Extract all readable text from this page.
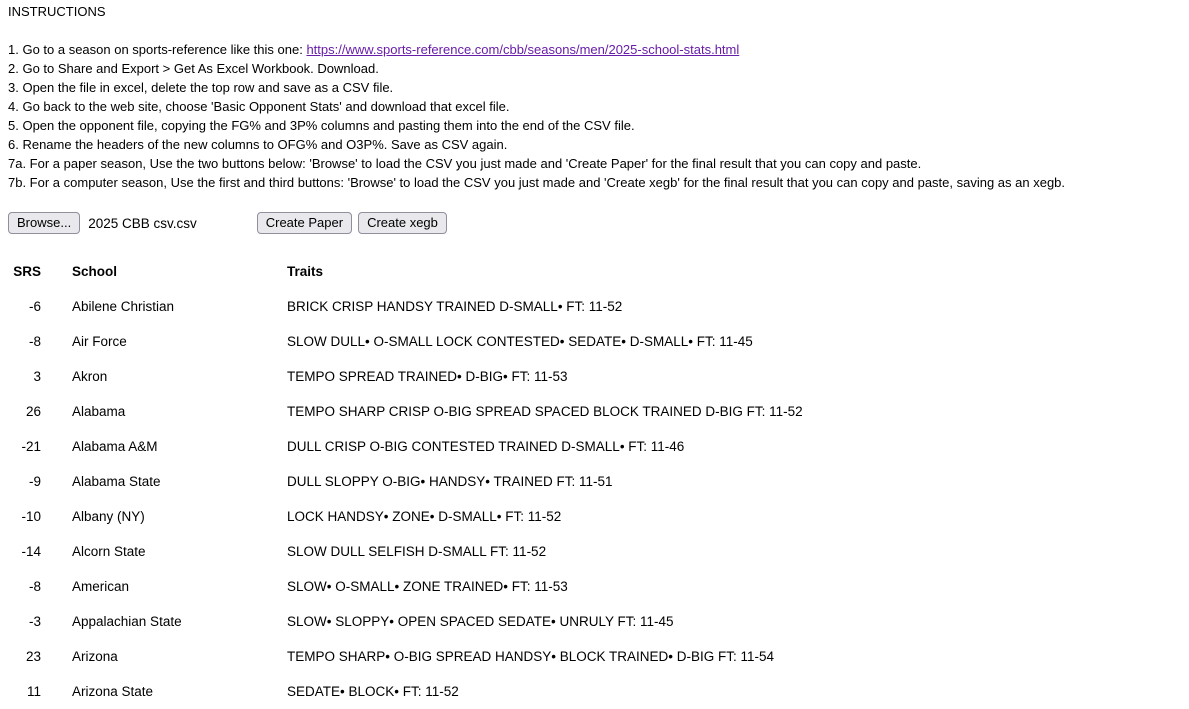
INSTRUCTIONS
1. Go to a season on sports-reference like this one: https://www.sports-reference.com/cbb/seasons/men/2025-school-stats.html
2. Go to Share and Export > Get As Excel Workbook. Download.
3. Open the file in excel, delete the top row and save as a CSV file.
4. Go back to the web site, choose 'Basic Opponent Stats' and download that excel file.
5. Open the opponent file, copying the FG% and 3P% columns and pasting them into the end of the CSV file.
6. Rename the headers of the new columns to OFG% and O3P%. Save as CSV again.
7a. For a paper season, Use the two buttons below: 'Browse' to load the CSV you just made and 'Create Paper' for the final result that you can copy and paste.
7b. For a computer season, Use the first and third buttons: 'Browse' to load the CSV you just made and 'Create xegb' for the final result that you can copy and paste, saving as an xegb.
Browse...	2025 CBB csv.csv	Create Paper	Create xegb
SRS	School	Traits
-6	Abilene Christian	BRICK CRISP HANDSY TRAINED D-SMALL• FT: 11-52
-8	Air Force	SLOW DULL• O-SMALL LOCK CONTESTED• SEDATE• D-SMALL• FT: 11-45
3	Akron	TEMPO SPREAD TRAINED• D-BIG• FT: 11-53
26	Alabama	TEMPO SHARP CRISP O-BIG SPREAD SPACED BLOCK TRAINED D-BIG FT: 11-52
-21	Alabama A&M	DULL CRISP O-BIG CONTESTED TRAINED D-SMALL• FT: 11-46
-9	Alabama State	DULL SLOPPY O-BIG• HANDSY• TRAINED FT: 11-51
-10	Albany (NY)	LOCK HANDSY• ZONE• D-SMALL• FT: 11-52
-14	Alcorn State	SLOW DULL SELFISH D-SMALL FT: 11-52
-8	American	SLOW• O-SMALL• ZONE TRAINED• FT: 11-53
-3	Appalachian State	SLOW• SLOPPY• OPEN SPACED SEDATE• UNRULY FT: 11-45
23	Arizona	TEMPO SHARP• O-BIG SPREAD HANDSY• BLOCK TRAINED• D-BIG FT: 11-54
11	Arizona State	SEDATE• BLOCK• FT: 11-52
